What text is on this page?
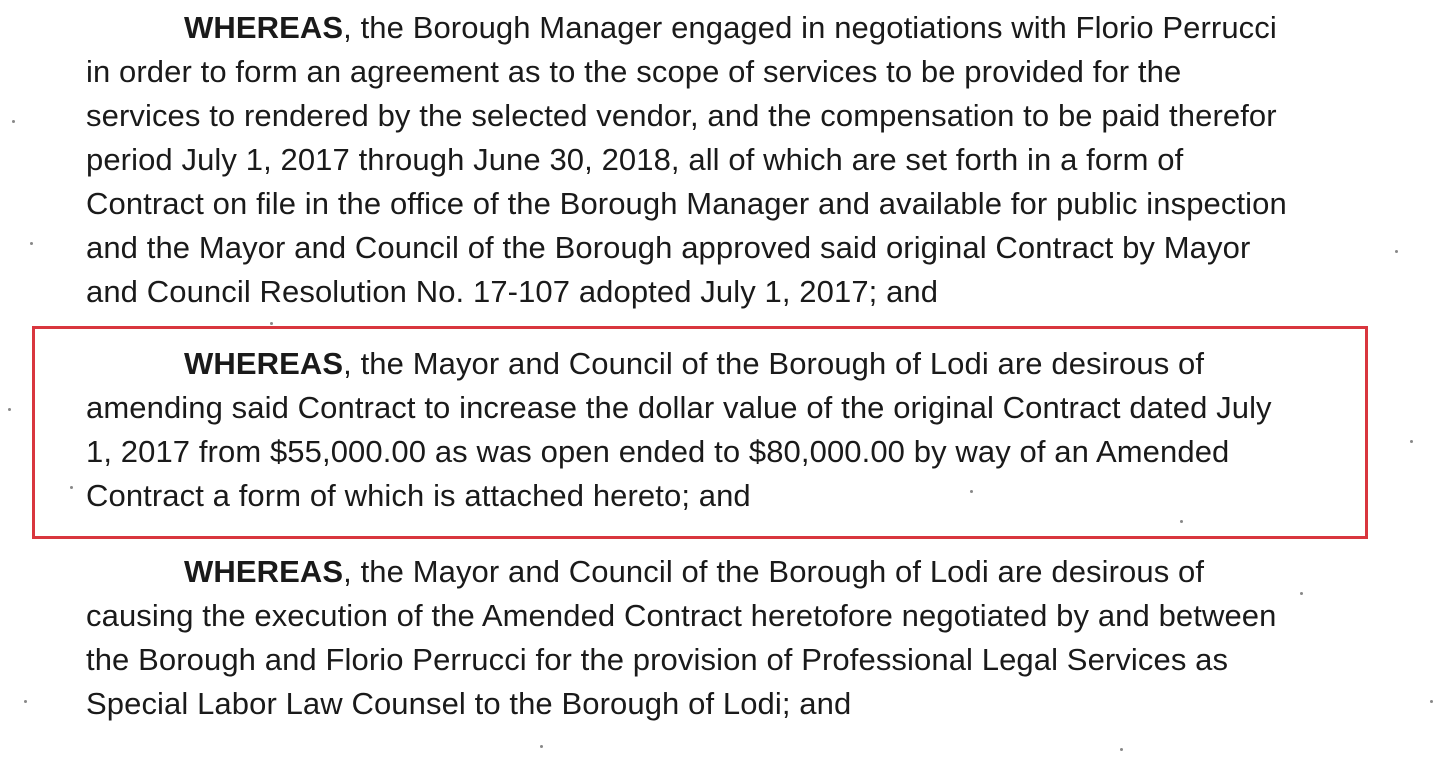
WHEREAS, the Borough Manager engaged in negotiations with Florio Perrucci
in order to form an agreement as to the scope of services to be provided for the
services to rendered by the selected vendor, and the compensation to be paid therefor
period July 1, 2017 through June 30, 2018, all of which are set forth in a form of
Contract on file in the office of the Borough Manager and available for public inspection
and the Mayor and Council of the Borough approved said original Contract by Mayor
and Council Resolution No. 17-107 adopted July 1, 2017; and
WHEREAS, the Mayor and Council of the Borough of Lodi are desirous of
amending said Contract to increase the dollar value of the original Contract dated July
1, 2017 from $55,000.00 as was open ended to $80,000.00 by way of an Amended
Contract a form of which is attached hereto; and
WHEREAS, the Mayor and Council of the Borough of Lodi are desirous of
causing the execution of the Amended Contract heretofore negotiated by and between
the Borough and Florio Perrucci for the provision of Professional Legal Services as
Special Labor Law Counsel to the Borough of Lodi; and
